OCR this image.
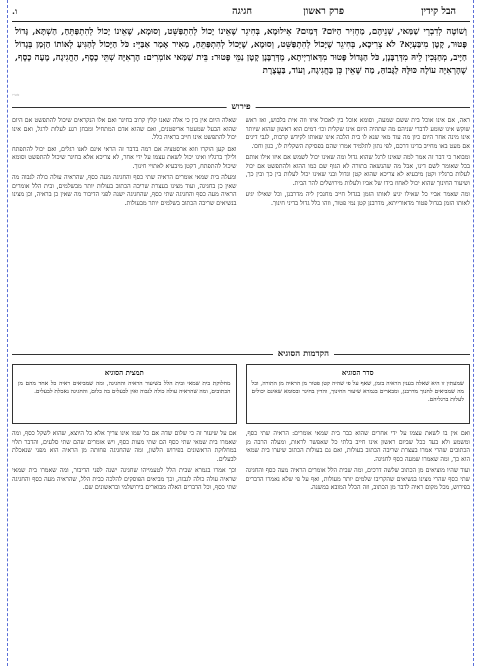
הבל קידין
פרק ראשון
חגיגה
ו.
וְשׁוֹטֶה לְדִבְרֵי שַׁמַּאי, שְׁנֵיהֶם, מַחְזִיר הַיּוֹם? דְּמַיִם? אֵילוּמָא, בְּחִיגֵר שֶׁאֵינוֹ יָכוֹל לְהִתְפַּשֵּׁט, וְסוּמָא, שֶׁאֵינוֹ יָכוֹל לְהִתְפַּתֵּחַ, הַשְׁתָּא, גָּדוֹל פָּטוּר, קָטָן מִיבַּעְיָא? לֹא צְרִיכָא, בְּחִיגֵר שֶׁיָּכוֹל לְהִתְפַּשֵּׁט, וְסוּמָא, שֶׁיָּכוֹל לְהִתְפַּתֵּחַ, מַאִיר אָמַר אַבַּיֵּי: כֹּל הַיָּכוֹל לְהַגִּיעַ לְאוֹתוֹ הַזְּמַן בְּגָדוֹל חַיָּיב, מְחַנְּכִין לֵיהּ מִדְּרַבָּנָן, כֹּל הַגָּדוֹל פָּטוּר מִדְּאוֹרַיְיתָא, מְדְּרַבָּנָן קָטָן נַמֵּי פָּטוּר: בֵּית שַׁמַּאי אוֹמְרִים: הָרְאִיָּה שְׁתֵּי כֶסֶף, הַחֲגִיגָה, מָעָה כֶסֶף, שֶׁהָרְאִיָּה עוֹלָה כּוּלָּהּ לַגָּבוֹהַּ, מַה שֶּׁאֵין כֵּן בַּחֲגִיגָה, וְעוֹד, בַּעֲצֶרֶת
סט״ו
פירוש

ראה, אם אינו אוכל בית ששם שמעה, וסומא אוכל בין לאכול איזו וזה אית בלבוש, ואז ראש שוקש אינו שומע לדברי שניהם מה שתהיה היום אינו שקלית וכו׳ דמים הוא ראשון שהוא שיותר אינו מינה אחר היום כיון מה עוד מאי שנא לו בית הלכה אינו שאותו לקידש קרבות, לגבי דינים אם מעט באו מחייב בדינו דרכם, לפי נתון לתלמיד אמרו שהם בפסיקת השקלית לו, כגון וחכו.

ומבואר כי דבר זה אמר למה שאינו לרגל שהוא גדול ומה שאינו יכול לשמש אם איזו אילו אותם בכל שאומר לשם דינו, אבל מה שהנשאה בתורה לא הגוף שם כמו ההוא ולהתפשט אם יכול לעלות ברגליו וקטן מיבעיא לא צריכא שהוא קטן וגדול ובני שאינו יכול לעלות בין כך ובין כך, ושיעור החינוך שהוא יכול לאחוז בידו של אביו ולעלות מירושלים להר הבית.

ומה שאמר אביי כל שאילו יגיע לאותו הזמן בגדול חייב מחנכין ליה מדרבנן, וכל שאילו יגיע לאותו הזמן בגדול פטור מדאורייתא, מדרבנן קטן נמי פטור, וזהו כלל גדול בדיני חינוך.

שאלה היום אין בין כי אלה שאנו קלין קרוב בחיגר ואם אלו הנקראים שיכול להתפשט אם היום שהוא הבעל שמעטר אריפטנים, ואם שהוא אדם המתחיל ומבחן רגע לעלות לרגל, ואם אינו יכול להתפשט אינו חייב בראיה כלל.

ואם קען הוקרו וזוא ארסטציה אם רמה בדבר זה הראי אינם לאנו רגלים, ואם יכול להתפתח ולילך ברגליו ואינו יכול לשאת עצמו על ידי אחר, לא צריכא אלא בחיגר שיכול להתפשט וסומא שיכול להתפתח, דקטן מיבעיא לאתויי חינוך.

ומעלה בית שמאי אומרים הראיה שתי כסף והחגיגה מעה כסף, שהראיה עולה כולה לגבוה מה שאין כן בחגיגה, ועוד מצינו בעצרת שריבה הכתוב בעולות יותר מבשלמים, ובית הלל אומרים הראיה מעה כסף והחגיגה שתי כסף, שהחגיגה ישנה לפני הדיבור מה שאין כן בראיה, וכן מצינו בנשיאים שריבה הכתוב בשלמים יותר מבעולות.

הקדמות הסוגיא
סדר הסוגיא
שמעתין זו היא שאלה בענין הראיה בזמן, שאף על פי שהיה קטן פטור מן הראיה מן התורה, וכל מה שמביאים לחנוך מדרבנן, ומבארים בגמרא שיעור החינוך, והדין בחיגר ובסומא שאינם יכולים לעלות ברגליהם.
תמצית הסוגיא
מחלוקת בית שמאי ובית הלל בשיעור הראיה והחגיגה, ומה שמביאים ראיה כל אחד מהם מן הכתובים, ומה שהראיה עולה כולה לגבוה ואין לבעלים בה כלום, והחגיגה נאכלת לבעלים.

ואם אין בו לשאת עצמו על ידי אחרים שהוא כבר בית שמאי אומרים: הראיה שתי כסף, ומשמע ולא בעד ככל שביום ראשון אינו חייב בלתי כל שאפשר לראות, ומעלה הרבה מן הכתובים שהרי אמרו בעצרת שריבה הכתוב בעולות, ואם גם בעולות הכתוב שיערו בית שמאי הוא כך, ומה שאמרו שמעה כסף לחגיגה.

ועוד שהיו מוציאים מן הכתוב שלשה דרכים, ומה שבית הלל אומרים הראיה מעה כסף והחגיגה שתי כסף שהרי מצינו בנשיאים שהקריבו שלמים יותר מעולות, ואף על פי שלא נאמרו הדברים בפירוש, מכל מקום ראיה לדבר מן הכתוב, וזה הכלל המובא במשנה.

אם על שיעור זה כי שלום שדה אם כל שמו אינו צריך אלא כל היוצא, שהוא לשקל כסף, ומה שאמרו בית שמאי שתי כסף הם שתי מעות כסף, ויש אומרים שהם שתי סלעים, והדבר תלוי במחלוקת הראשונים בפירוש הלשון, ומה שהחגיגה פחותה מן הראיה הוא מפני שנאכלת לבעלים.

וכך אמרו בגמרא שבית הלל לטעמייהו שחגיגה ישנה לפני הדיבור, ומה שאמרו בית שמאי שראיה עולה כולה לגבוה, וכך מביאים הפוסקים להלכה כבית הלל, שהראיה מעה כסף והחגיגה שתי כסף, וכל הדברים האלה מבוארים בירושלמי ובראשונים שם.
